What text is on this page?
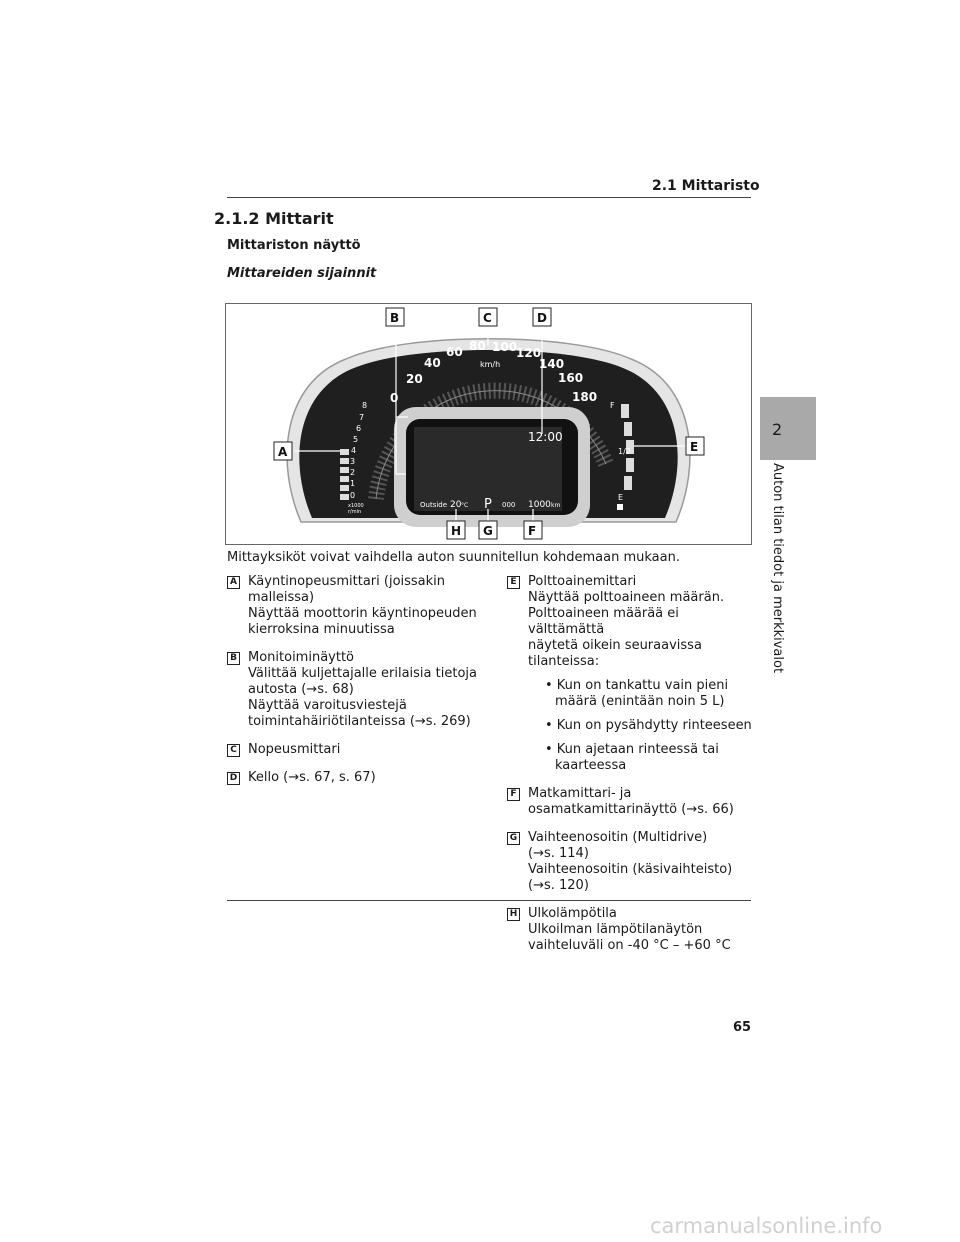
2.1 Mittaristo
2.1.2 Mittarit
Mittariston näyttö
Mittareiden sijainnit
0
20
40
60 80 100
120
140
160
180
km/h
8
7
6
5
4
3
2
1
0
x1000
r/min
F
1/2
E
12:00
Outside 20 °C P 000 1000 km
B	C	D
A	E
H G	F
Mittayksiköt voivat vaihdella auton suunnitellun kohdemaan mukaan.
A Käyntinopeusmittari (joissakin
malleissa)
Näyttää moottorin käyntinopeuden
kierroksina minuutissa
B Monitoiminäyttö
Välittää kuljettajalle erilaisia tietoja
autosta (→s. 68)
Näyttää varoitusviestejä
toimintahäiriötilanteissa (→s. 269)
C Nopeusmittari
D Kello (→s. 67, s. 67)
E Polttoainemittari
Näyttää polttoaineen määrän.
Polttoaineen määrää ei välttämättä
näytetä oikein seuraavissa tilanteissa:
• Kun on tankattu vain pieni määrä (enintään noin 5 L)
• Kun on pysähdytty rinteeseen
• Kun ajetaan rinteessä tai kaarteessa
F Matkamittari- ja
osamatkamittarinäyttö (→s. 66)
G Vaihteenosoitin (Multidrive)
(→s. 114)
Vaihteenosoitin (käsivaihteisto)
(→s. 120)
H Ulkolämpötila
Ulkoilman lämpötilanäytön
vaihteluväli on -40 °C – +60 °C
2
Auton tilan tiedot ja merkkivalot
65
carmanualsonline.info
